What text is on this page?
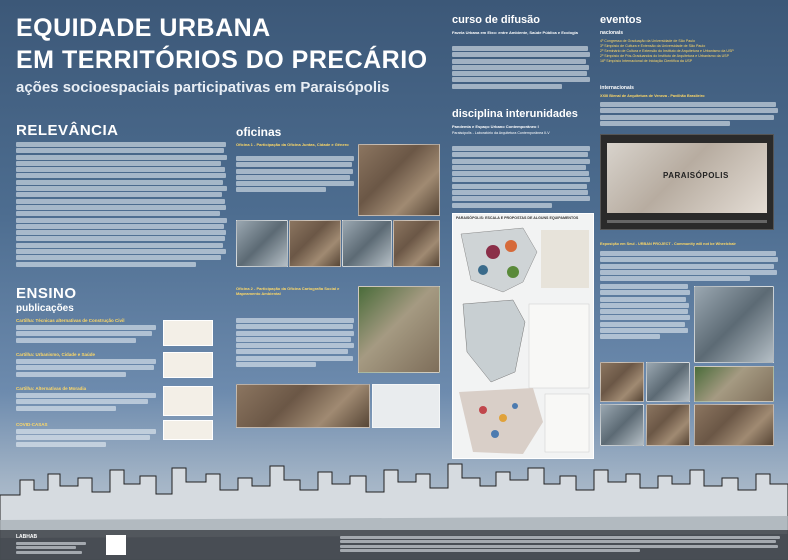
EQUIDADE URBANA
EM TERRITÓRIOS DO PRECÁRIO
ações socioespaciais participativas em Paraisópolis
RELEVÂNCIA
ENSINO
publicações
Cartilha: Técnicas alternativas de Construção Civil
Cartilha: Urbanismo, Cidade e Saúde
Cartilha: Alternativas de Moradia
COVID-CASAS
oficinas
Oficina 1 - Participação da Oficina Juntas, Cidade e Gênero
Oficina 2 - Participação da Oficina Cartografia Social e Mapeamento Ambiental
curso de difusão
Favela Urbana em Eixo: entre Ambiente, Saúde Pública e Ecologia
disciplina interunidades
Pandemia e Espaço Urbano Contemporâneo I
Paraisópolis - Laboratório da Arquitetura Contemporânea II-V
PARAISÓPOLIS: ESCALA E PROPOSTAS DE ALGUNS EQUIPAMENTOS
eventos
nacionais
4º Congresso de Graduação da Universidade de São Paulo
3º Simpósio de Cultura e Extensão da Universidade de São Paulo
2º Seminário de Cultura e Extensão do Instituto de Arquitetura e Urbanismo da USP
2º Simpósio de Pós-Graduandos do Instituto de Arquitetura e Urbanismo da USP
18º Simpósio Internacional de Iniciação Científica da USP
internacionais
XXIII Bienal de Arquitetura de Veneza - Pavilhão Brasileiro
PARAISÓPOLIS
Exposição em Seul - URBAN PROJECT - Community will not be Wheelchair
LABHAB
